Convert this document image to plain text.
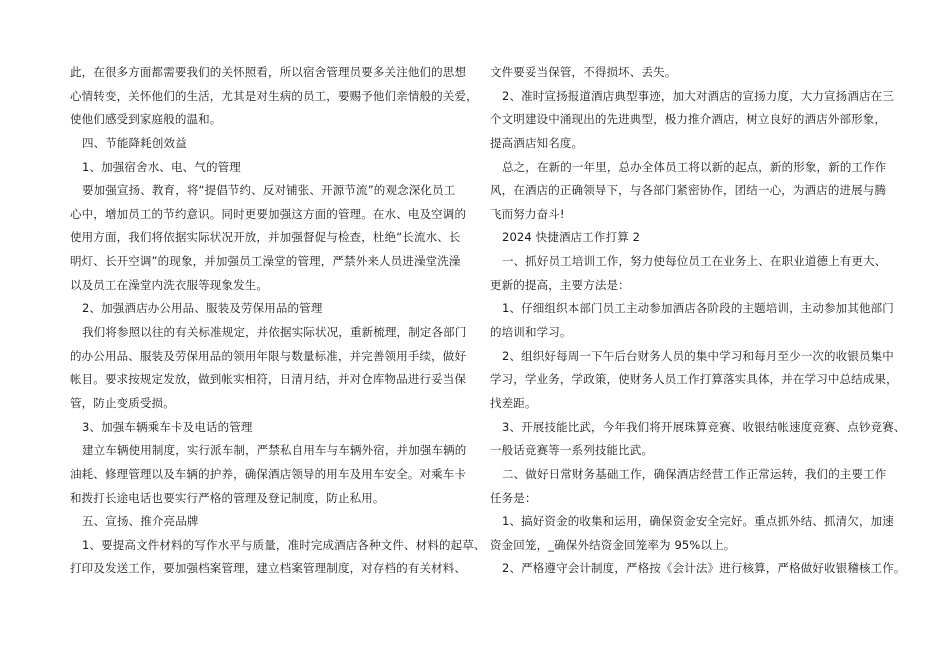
此，在很多方面都需要我们的关怀照看，所以宿舍管理员要多关注他们的思想
心情转变，关怀他们的生活，尤其是对生病的员工，要赐予他们亲情般的关爱，
使他们感受到家庭般的温和。
四、节能降耗创效益
1、加强宿舍水、电、气的管理
要加强宣扬、教育，将“提倡节约、反对铺张、开源节流”的观念深化员工
心中，增加员工的节约意识。同时更要加强这方面的管理。在水、电及空调的
使用方面，我们将依据实际状况开放，并加强督促与检查，杜绝“长流水、长
明灯、长开空调”的现象，并加强员工澡堂的管理，严禁外来人员进澡堂洗澡
以及员工在澡堂内洗衣服等现象发生。
2、加强酒店办公用品、服装及劳保用品的管理
我们将参照以往的有关标准规定，并依据实际状况，重新梳理，制定各部门
的办公用品、服装及劳保用品的领用年限与数量标准，并完善领用手续，做好
帐目。要求按规定发放，做到帐实相符，日清月结，并对仓库物品进行妥当保
管，防止变质受损。
3、加强车辆乘车卡及电话的管理
建立车辆使用制度，实行派车制，严禁私自用车与车辆外宿，并加强车辆的
油耗、修理管理以及车辆的护养，确保酒店领导的用车及用车安全。对乘车卡
和拨打长途电话也要实行严格的管理及登记制度，防止私用。
五、宣扬、推介亮品牌
1、要提高文件材料的写作水平与质量，准时完成酒店各种文件、材料的起草、
打印及发送工作，要加强档案管理，建立档案管理制度，对存档的有关材料、
文件要妥当保管，不得损坏、丢失。
2、准时宣扬报道酒店典型事迹，加大对酒店的宣扬力度，大力宣扬酒店在三
个文明建设中涌现出的先进典型，极力推介酒店，树立良好的酒店外部形象，
提高酒店知名度。
总之，在新的一年里，总办全体员工将以新的起点，新的形象，新的工作作
风，在酒店的正确领导下，与各部门紧密协作，团结一心，为酒店的进展与腾
飞而努力奋斗!
2024 快捷酒店工作打算 2
一、抓好员工培训工作，努力使每位员工在业务上、在职业道德上有更大、
更新的提高，主要方法是：
1、仔细组织本部门员工主动参加酒店各阶段的主题培训，主动参加其他部门
的培训和学习。
2、组织好每周一下午后台财务人员的集中学习和每月至少一次的收银员集中
学习，学业务，学政策，使财务人员工作打算落实具体，并在学习中总结成果，
找差距。
3、开展技能比武，今年我们将开展珠算竞赛、收银结帐速度竞赛、点钞竞赛、
一般话竞赛等一系列技能比武。
二、做好日常财务基础工作，确保酒店经营工作正常运转，我们的主要工作
任务是：
1、搞好资金的收集和运用，确保资金安全完好。重点抓外结、抓清欠，加速
资金回笼，_确保外结资金回笼率为 95%以上。
2、严格遵守会计制度，严格按《会计法》进行核算，严格做好收银稽核工作。
